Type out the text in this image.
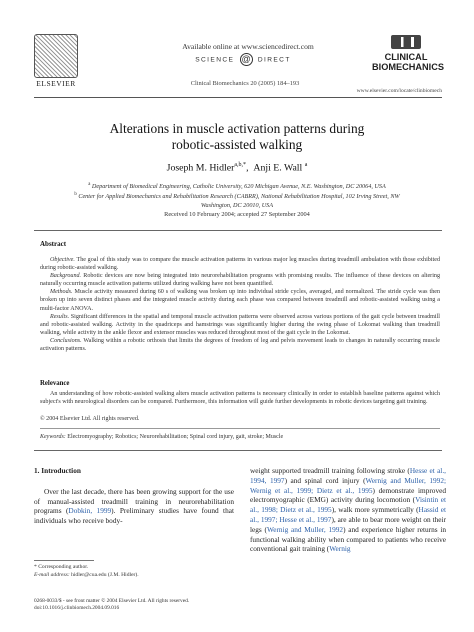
ELSEVIER
Available online at www.sciencedirect.com
SCIENCE @ DIRECT
Clinical Biomechanics 20 (2005) 184–193
CLINICAL
BIOMECHANICS
www.elsevier.com/locate/clinbiomech
Alterations in muscle activation patterns during
robotic-assisted walking
Joseph M. Hidler$^{a,b,*}$,  Anji E. Wall $^a$
$^a$ Department of Biomedical Engineering, Catholic University, 620 Michigan Avenue, N.E. Washington, DC 20064, USA
$^b$ Center for Applied Biomechanics and Rehabilitation Research (CABRR), National Rehabilitation Hospital, 102 Irving Street, NW Washington, DC 20010, USA
Received 10 February 2004; accepted 27 September 2004
Abstract

Objective. The goal of this study was to compare the muscle activation patterns in various major leg muscles during treadmill ambulation with those exhibited during robotic-assisted walking.

Background. Robotic devices are now being integrated into neurorehabilitation programs with promising results. The influence of these devices on altering naturally occurring muscle activation patterns utilized during walking have not been quantified.

Methods. Muscle activity measured during 60 s of walking was broken up into individual stride cycles, averaged, and normalized. The stride cycle was then broken up into seven distinct phases and the integrated muscle activity during each phase was compared between treadmill and robotic-assisted walking using a multi-factor ANOVA.

Results. Significant differences in the spatial and temporal muscle activation patterns were observed across various portions of the gait cycle between treadmill and robotic-assisted walking. Activity in the quadriceps and hamstrings was significantly higher during the swing phase of Lokomat walking than treadmill walking, while activity in the ankle flexor and extensor muscles was reduced throughout most of the gait cycle in the Lokomat.

Conclusions. Walking within a robotic orthosis that limits the degrees of freedom of leg and pelvis movement leads to changes in naturally occurring muscle activation patterns.

Relevance
An understanding of how robotic-assisted walking alters muscle activation patterns is necessary clinically in order to establish baseline patterns against which subject's with neurological disorders can be compared. Furthermore, this information will guide further developments in robotic devices targeting gait training.
© 2004 Elsevier Ltd. All rights reserved.
Keywords: Electromyography; Robotics; Neurorehabilitation; Spinal cord injury, gait, stroke; Muscle
1. Introduction

Over the last decade, there has been growing support for the use of manual-assisted treadmill training in neurorehabilitation programs (Dobkin, 1999). Preliminary studies have found that individuals who receive body-

weight supported treadmill training following stroke (Hesse et al., 1994, 1997) and spinal cord injury (Wernig and Muller, 1992; Wernig et al., 1999; Dietz et al., 1995) demonstrate improved electromyographic (EMG) activity during locomotion (Visintin et al., 1998; Dietz et al., 1995), walk more symmetrically (Hassid et al., 1997; Hesse et al., 1997), are able to bear more weight on their legs (Wernig and Muller, 1992) and experience higher returns in functional walking ability when compared to patients who receive conventional gait training (Wernig
* Corresponding author.
E-mail address: hidler@cua.edu (J.M. Hidler).
0268-0033/$ - see front matter © 2004 Elsevier Ltd. All rights reserved.
doi:10.1016/j.clinbiomech.2004.09.016
